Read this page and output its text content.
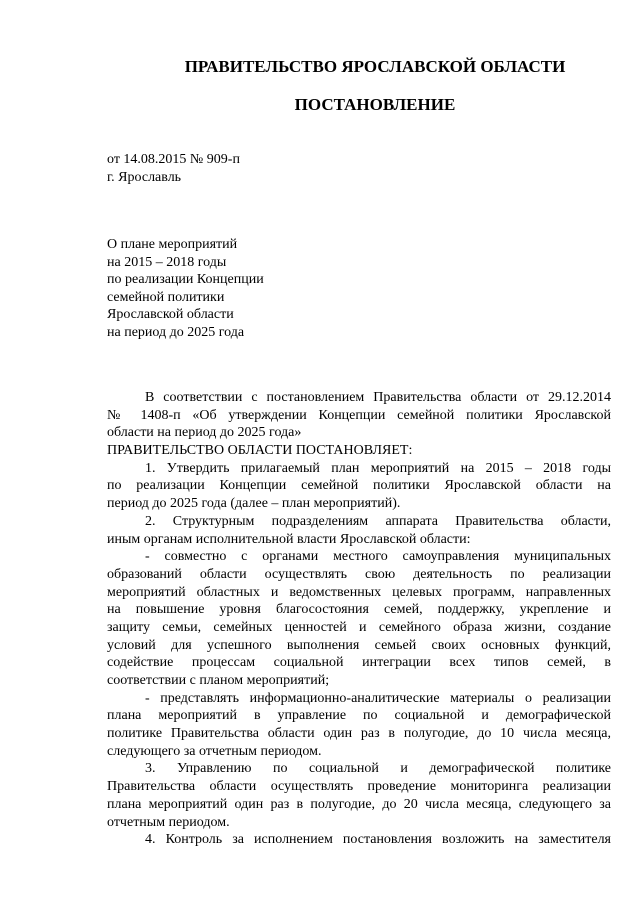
ПРАВИТЕЛЬСТВО ЯРОСЛАВСКОЙ ОБЛАСТИ
ПОСТАНОВЛЕНИЕ
от 14.08.2015 № 909-п
г. Ярославль
О плане мероприятий
на 2015 – 2018 годы
по реализации Концепции
семейной политики
Ярославской области
на период до 2025 года
В соответствии с постановлением Правительства области от 29.12.2014
№ 1408-п «Об утверждении Концепции семейной политики Ярославской
области на период до 2025 года»
ПРАВИТЕЛЬСТВО ОБЛАСТИ ПОСТАНОВЛЯЕТ:
1. Утвердить прилагаемый план мероприятий на 2015 – 2018 годы
по реализации Концепции семейной политики Ярославской области на
период до 2025 года (далее – план мероприятий).
2. Структурным подразделениям аппарата Правительства области,
иным органам исполнительной власти Ярославской области:
- совместно с органами местного самоуправления муниципальных
образований области осуществлять свою деятельность по реализации
мероприятий областных и ведомственных целевых программ, направленных
на повышение уровня благосостояния семей, поддержку, укрепление и
защиту семьи, семейных ценностей и семейного образа жизни, создание
условий для успешного выполнения семьей своих основных функций,
содействие процессам социальной интеграции всех типов семей, в
соответствии с планом мероприятий;
- представлять информационно-аналитические материалы о реализации
плана мероприятий в управление по социальной и демографической
политике Правительства области один раз в полугодие, до 10 числа месяца,
следующего за отчетным периодом.
3. Управлению по социальной и демографической политике
Правительства области осуществлять проведение мониторинга реализации
плана мероприятий один раз в полугодие, до 20 числа месяца, следующего за
отчетным периодом.
4. Контроль за исполнением постановления возложить на заместителя
